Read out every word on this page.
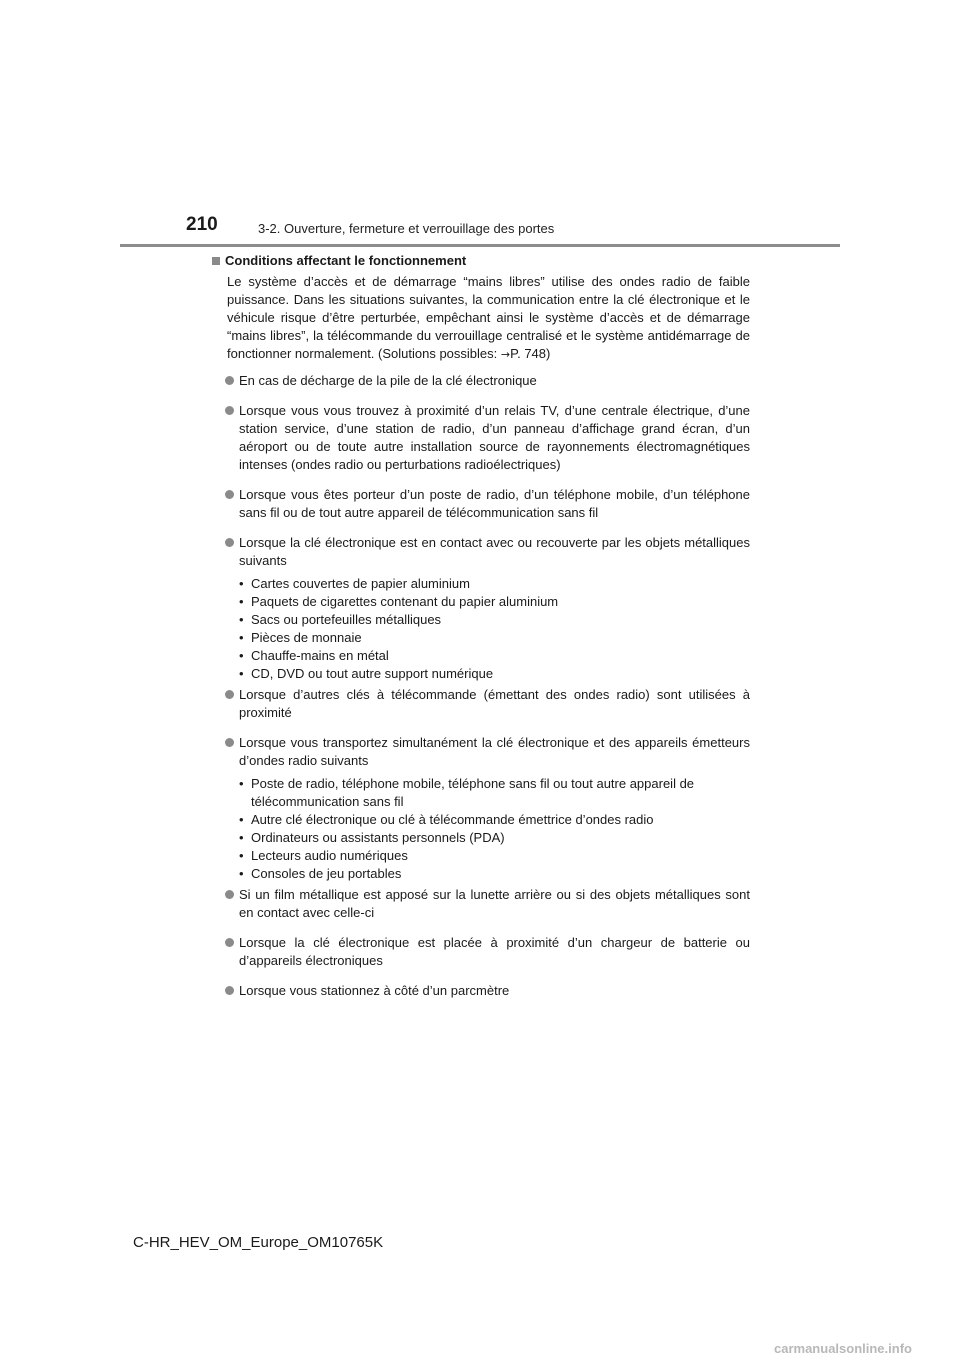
210	3-2. Ouverture, fermeture et verrouillage des portes
Conditions affectant le fonctionnement
Le système d’accès et de démarrage “mains libres” utilise des ondes radio de faible puissance. Dans les situations suivantes, la communication entre la clé électronique et le véhicule risque d’être perturbée, empêchant ainsi le système d’accès et de démarrage “mains libres”, la télécommande du verrouillage centralisé et le système antidémarrage de fonctionner normalement. (Solutions possibles: →P. 748)
En cas de décharge de la pile de la clé électronique
Lorsque vous vous trouvez à proximité d’un relais TV, d’une centrale électrique, d’une station service, d’une station de radio, d’un panneau d’affichage grand écran, d’un aéroport ou de toute autre installation source de rayonnements électromagnétiques intenses (ondes radio ou perturbations radioélectriques)
Lorsque vous êtes porteur d’un poste de radio, d’un téléphone mobile, d’un téléphone sans fil ou de tout autre appareil de télécommunication sans fil
Lorsque la clé électronique est en contact avec ou recouverte par les objets métalliques suivants
• Cartes couvertes de papier aluminium
• Paquets de cigarettes contenant du papier aluminium
• Sacs ou portefeuilles métalliques
• Pièces de monnaie
• Chauffe-mains en métal
• CD, DVD ou tout autre support numérique
Lorsque d’autres clés à télécommande (émettant des ondes radio) sont utilisées à proximité
Lorsque vous transportez simultanément la clé électronique et des appareils émetteurs d’ondes radio suivants
• Poste de radio, téléphone mobile, téléphone sans fil ou tout autre appareil de télécommunication sans fil
• Autre clé électronique ou clé à télécommande émettrice d’ondes radio
• Ordinateurs ou assistants personnels (PDA)
• Lecteurs audio numériques
• Consoles de jeu portables
Si un film métallique est apposé sur la lunette arrière ou si des objets métalliques sont en contact avec celle-ci
Lorsque la clé électronique est placée à proximité d’un chargeur de batterie ou d’appareils électroniques
Lorsque vous stationnez à côté d’un parcmètre
C-HR_HEV_OM_Europe_OM10765K
carmanualsonline.info
